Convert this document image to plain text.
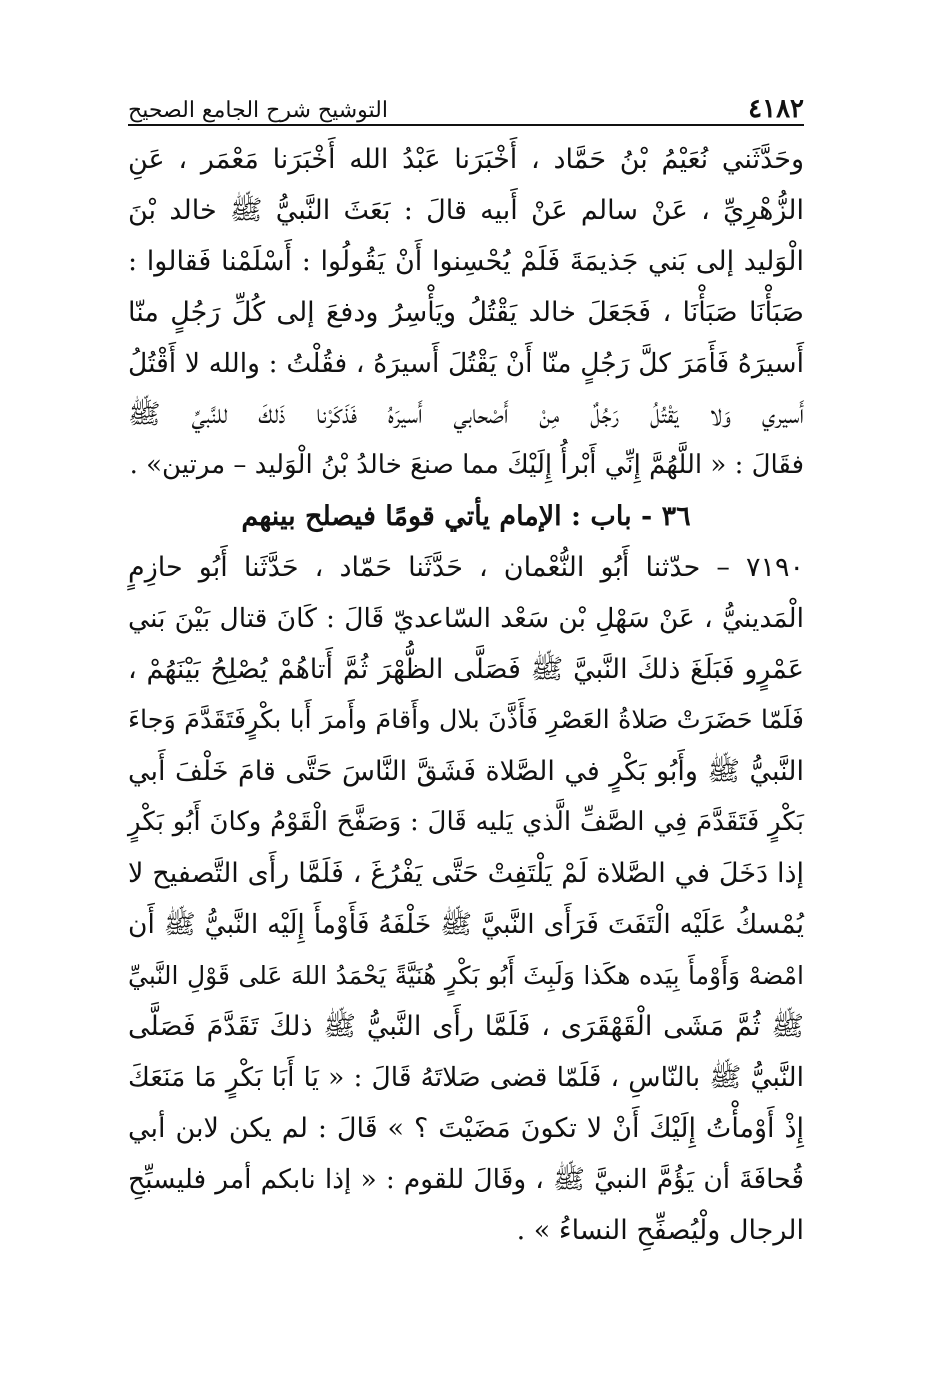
٤١٨٢
التوشيح شرح الجامع الصحيح
وحَدَّثَني نُعَيْمُ بْنُ حَمَّاد ، أَخْبَرَنا عَبْدُ الله أَخْبَرَنا مَعْمَر ، عَنِ
الزُّهْرِيِّ ، عَنْ سالم عَنْ أَبيه قالَ : بَعَثَ النَّبيُّ ﷺ خالد بْنَ
الْوَليد إلى بَني جَذيمَةَ فَلَمْ يُحْسِنوا أَنْ يَقُولُوا : أَسْلَمْنا فَقالوا :
صَبَأْنَا صَبَأْنَا ، فَجَعَلَ خالد يَقْتُلُ ويَأْسِرُ ودفعَ إلى كُلِّ رَجُلٍ منّا
أَسيرَهُ فَأَمَرَ كلَّ رَجُلٍ منّا أَنْ يَقْتُلَ أَسيرَهُ ، فقُلْتُ : والله لا أَقْتُلُ
أَسيري وَلا يَقْتُلُ رَجُلٌ مِنْ أَصْحابي أَسيرَهُ فَذَكَرْنا ذَلكَ للنَّبيِّ ﷺ
فقَالَ : « اللَّهُمَّ إِنِّي أَبْرأُ إِلَيْكَ مما صنعَ خالدُ بْنُ الْوَليد – مرتين» .
٣٦ - باب : الإمام يأتي قومًا فيصلح بينهم
٧١٩٠ – حدّثنا أَبُو النُّعْمان ، حَدَّثَنا حَمّاد ، حَدَّثَنا أَبُو حازِمٍ
الْمَدينيُّ ، عَنْ سَهْلِ بْن سَعْد السّاعديّ قَالَ : كَانَ قتال بَيْنَ بَني
عَمْرٍو فَبَلَغَ ذلكَ النَّبيَّ ﷺ فَصَلَّى الظُّهْرَ ثُمَّ أَتاهُمْ يُصْلِحُ بَيْنَهُمْ ،
فَلَمّا حَضَرَتْ صَلاةُ العَصْرِ فَأَذَّنَ بلال وأَقامَ وأَمرَ أَبا بكْرٍفَتَقَدَّمَ وَجاءَ
النَّبيُّ ﷺ وأَبُو بَكْرٍ في الصَّلاة فَشَقَّ النَّاسَ حَتَّى قامَ خَلْفَ أَبي
بَكْرٍ فَتَقَدَّمَ فِي الصَّفِّ الَّذي يَليه قَالَ : وَصَفَّحَ الْقَوْمُ وكانَ أَبُو بَكْرٍ
إذا دَخَلَ في الصَّلاة لَمْ يَلْتَفِتْ حَتَّى يَفْرُغَ ، فَلَمَّا رأَى التَّصفيح لا
يُمْسكُ عَلَيْه الْتَفَتَ فَرَأَى النَّبيَّ ﷺ خَلْفَهُ فَأَوْمأَ إِلَيْه النَّبيُّ ﷺ أَن
امْضهْ وَأَوْمأَ بِيَده هكَذا وَلَبِثَ أَبُو بَكْرٍ هُنَيَّةً يَحْمَدُ اللهَ عَلى قَوْلِ النَّبيِّ
ﷺ ثُمَّ مَشَى الْقَهْقَرَى ، فَلَمَّا رأَى النَّبيُّ ﷺ ذلكَ تَقَدَّمَ فَصَلَّى
النَّبيُّ ﷺ بالنّاسِ ، فَلَمّا قضى صَلاتَهُ قَالَ : « يَا أَبَا بَكْرٍ مَا مَنَعَكَ
إِذْ أَوْمأْتُ إِلَيْكَ أَنْ لا تكونَ مَضَيْتَ ؟ » قَالَ : لم يكن لابن أبي
قُحافَةَ أن يَؤُمَّ النبيَّ ﷺ ، وقَالَ للقوم : « إذا نابكم أمر فليسبِّحِ
الرجال ولْيُصفِّحِ النساءُ » .
